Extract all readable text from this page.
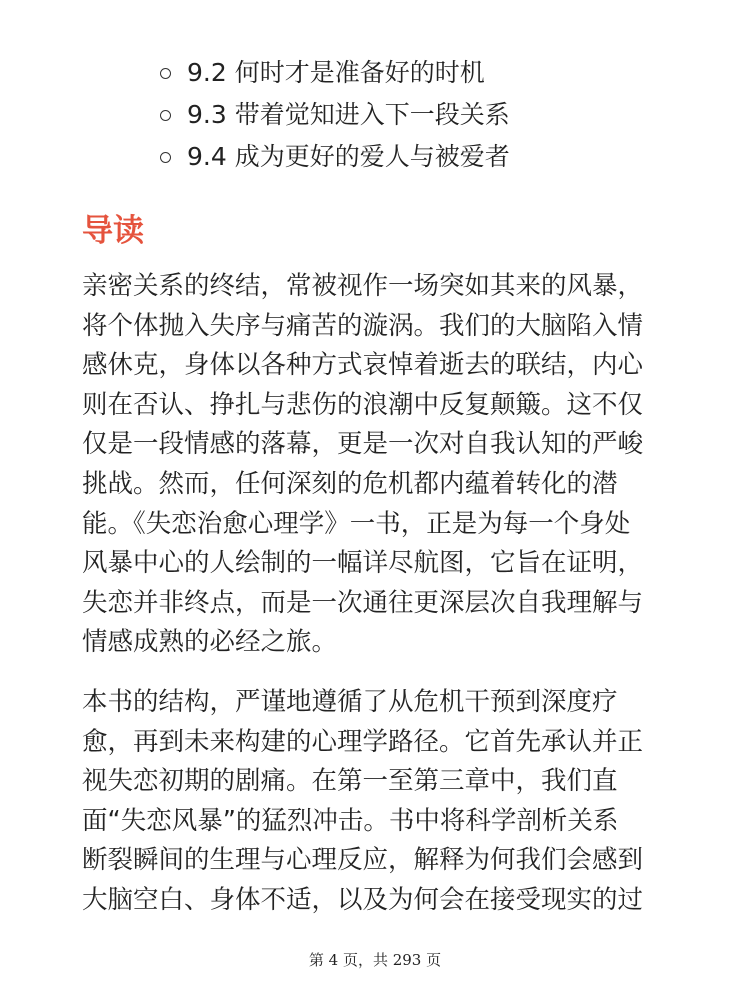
9.2 何时才是准备好的时机
9.3 带着觉知进入下一段关系
9.4 成为更好的爱人与被爱者
导读

亲密关系的终结，常被视作一场突如其来的风暴，
将个体抛入失序与痛苦的漩涡。我们的大脑陷入情
感休克，身体以各种方式哀悼着逝去的联结，内心
则在否认、挣扎与悲伤的浪潮中反复颠簸。这不仅
仅是一段情感的落幕，更是一次对自我认知的严峻
挑战。然而，任何深刻的危机都内蕴着转化的潜
能。《失恋治愈心理学》一书，正是为每一个身处
风暴中心的人绘制的一幅详尽航图，它旨在证明，
失恋并非终点，而是一次通往更深层次自我理解与
情感成熟的必经之旅。

本书的结构，严谨地遵循了从危机干预到深度疗
愈，再到未来构建的心理学路径。它首先承认并正
视失恋初期的剧痛。在第一至第三章中，我们直
面“失恋风暴”的猛烈冲击。书中将科学剖析关系
断裂瞬间的生理与心理反应，解释为何我们会感到
大脑空白、身体不适，以及为何会在接受现实的过

第 4 页，共 293 页
